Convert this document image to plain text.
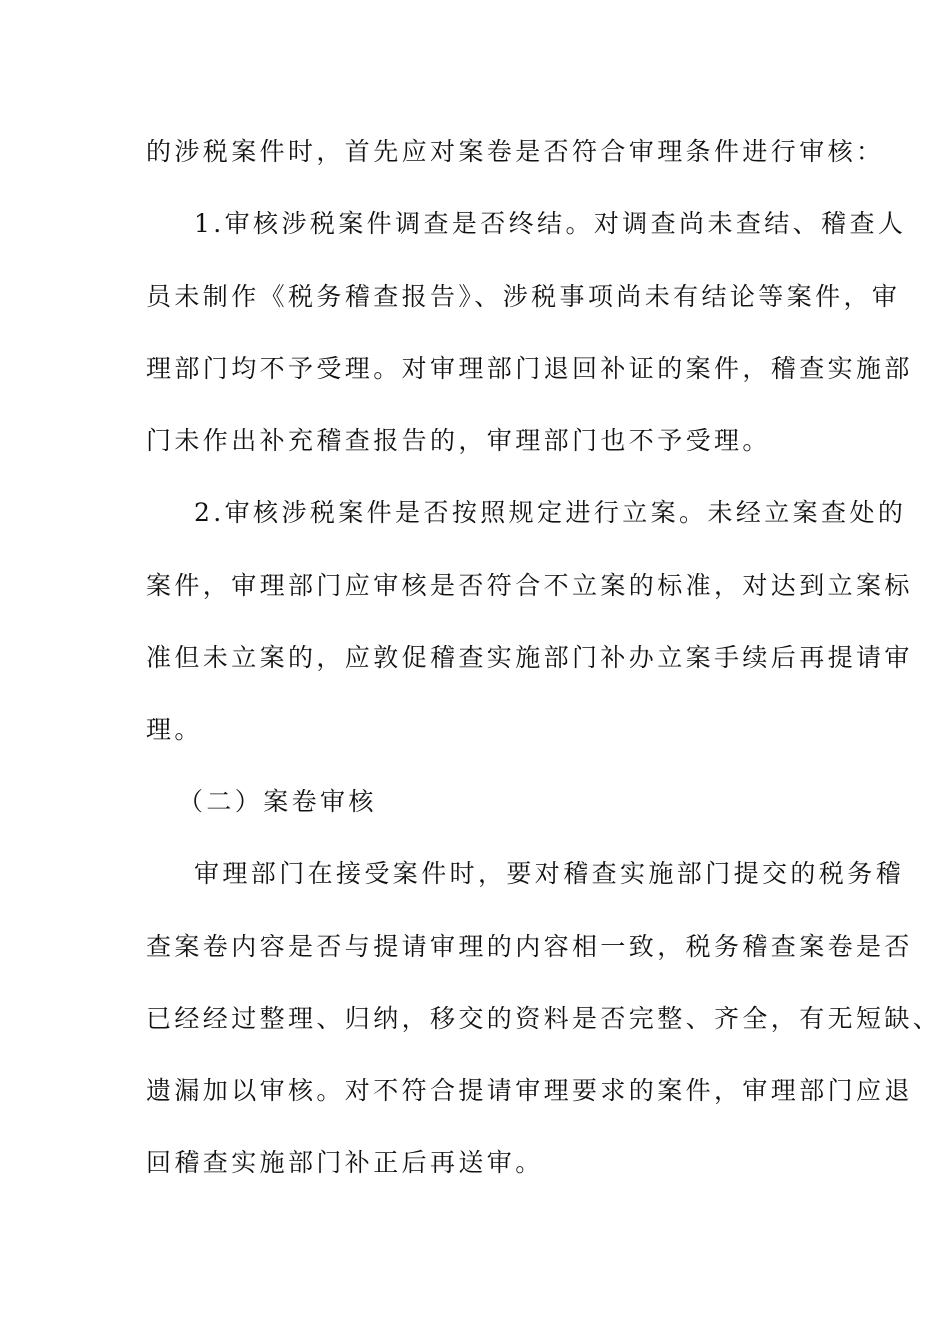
的涉税案件时，首先应对案卷是否符合审理条件进行审核：
1.审核涉税案件调查是否终结。对调查尚未查结、稽查人
员未制作《税务稽查报告》、涉税事项尚未有结论等案件，审
理部门均不予受理。对审理部门退回补证的案件，稽查实施部
门未作出补充稽查报告的，审理部门也不予受理。
2.审核涉税案件是否按照规定进行立案。未经立案查处的
案件，审理部门应审核是否符合不立案的标准，对达到立案标
准但未立案的，应敦促稽查实施部门补办立案手续后再提请审
理。
（二）案卷审核
审理部门在接受案件时，要对稽查实施部门提交的税务稽
查案卷内容是否与提请审理的内容相一致，税务稽查案卷是否
已经经过整理、归纳，移交的资料是否完整、齐全，有无短缺、
遗漏加以审核。对不符合提请审理要求的案件，审理部门应退
回稽查实施部门补正后再送审。
